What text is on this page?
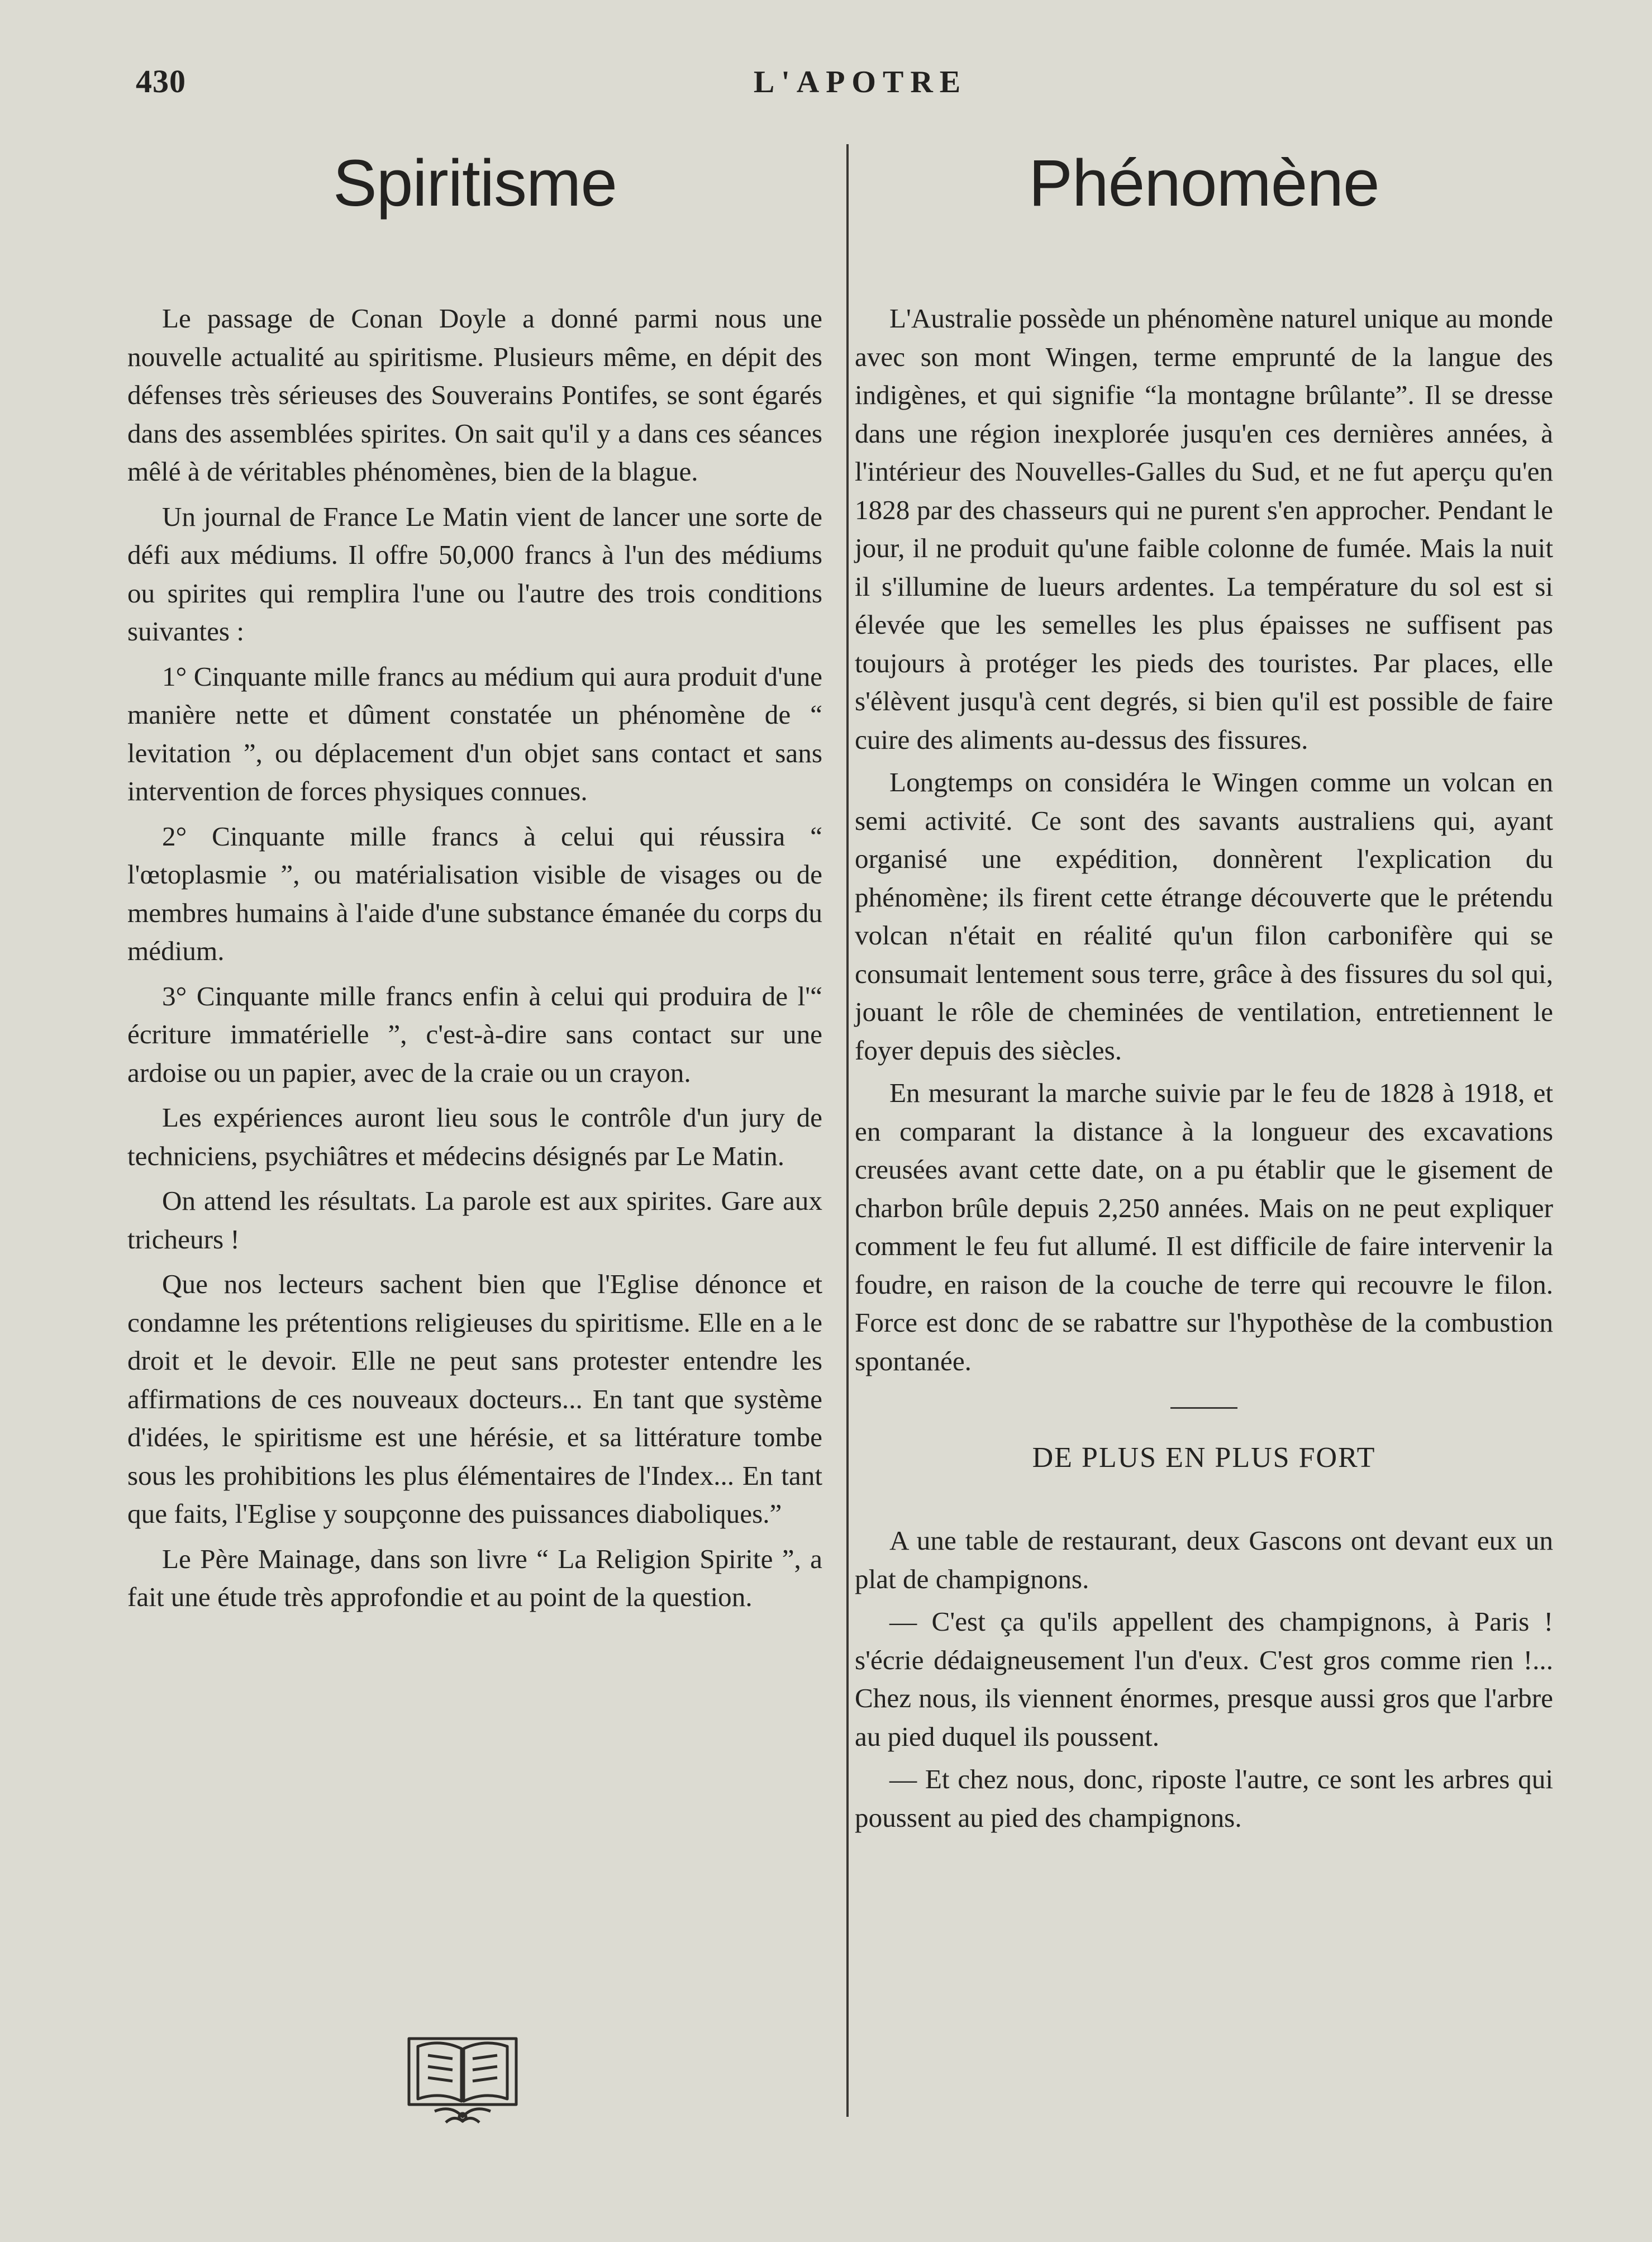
430	L'APOTRE
Spiritisme

Le passage de Conan Doyle a donné parmi nous une nouvelle actualité au spiritisme. Plusieurs même, en dépit des défenses très sérieuses des Souverains Pontifes, se sont égarés dans des assemblées spirites. On sait qu'il y a dans ces séances mêlé à de véritables phénomènes, bien de la blague.

Un journal de France Le Matin vient de lancer une sorte de défi aux médiums. Il offre 50,000 francs à l'un des médiums ou spirites qui remplira l'une ou l'autre des trois conditions suivantes :

1° Cinquante mille francs au médium qui aura produit d'une manière nette et dûment constatée un phénomène de “ levitation ”, ou déplacement d'un objet sans contact et sans intervention de forces physiques connues.

2° Cinquante mille francs à celui qui réussira “ l'œtoplasmie ”, ou matérialisation visible de visages ou de membres humains à l'aide d'une substance émanée du corps du médium.

3° Cinquante mille francs enfin à celui qui produira de l'“ écriture immatérielle ”, c'est-à-dire sans contact sur une ardoise ou un papier, avec de la craie ou un crayon.

Les expériences auront lieu sous le contrôle d'un jury de techniciens, psychiâtres et médecins désignés par Le Matin.

On attend les résultats. La parole est aux spirites. Gare aux tricheurs !

Que nos lecteurs sachent bien que l'Eglise dénonce et condamne les prétentions religieuses du spiritisme. Elle en a le droit et le devoir. Elle ne peut sans protester entendre les affirmations de ces nouveaux docteurs... En tant que système d'idées, le spiritisme est une hérésie, et sa littérature tombe sous les prohibitions les plus élémentaires de l'Index... En tant que faits, l'Eglise y soupçonne des puissances diaboliques.”

Le Père Mainage, dans son livre “ La Religion Spirite ”, a fait une étude très approfondie et au point de la question.

Phénomène

L'Australie possède un phénomène naturel unique au monde avec son mont Wingen, terme emprunté de la langue des indigènes, et qui signifie “la montagne brûlante”. Il se dresse dans une région inexplorée jusqu'en ces dernières années, à l'intérieur des Nouvelles-Galles du Sud, et ne fut aperçu qu'en 1828 par des chasseurs qui ne purent s'en approcher. Pendant le jour, il ne produit qu'une faible colonne de fumée. Mais la nuit il s'illumine de lueurs ardentes. La température du sol est si élevée que les semelles les plus épaisses ne suffisent pas toujours à protéger les pieds des touristes. Par places, elle s'élèvent jusqu'à cent degrés, si bien qu'il est possible de faire cuire des aliments au-dessus des fissures.

Longtemps on considéra le Wingen comme un volcan en semi activité. Ce sont des savants australiens qui, ayant organisé une expédition, donnèrent l'explication du phénomène; ils firent cette étrange découverte que le prétendu volcan n'était en réalité qu'un filon carbonifère qui se consumait lentement sous terre, grâce à des fissures du sol qui, jouant le rôle de cheminées de ventilation, entretiennent le foyer depuis des siècles.

En mesurant la marche suivie par le feu de 1828 à 1918, et en comparant la distance à la longueur des excavations creusées avant cette date, on a pu établir que le gisement de charbon brûle depuis 2,250 années. Mais on ne peut expliquer comment le feu fut allumé. Il est difficile de faire intervenir la foudre, en raison de la couche de terre qui recouvre le filon. Force est donc de se rabattre sur l'hypothèse de la combustion spontanée.

DE PLUS EN PLUS FORT

A une table de restaurant, deux Gascons ont devant eux un plat de champignons.

— C'est ça qu'ils appellent des champignons, à Paris ! s'écrie dédaigneusement l'un d'eux. C'est gros comme rien !... Chez nous, ils viennent énormes, presque aussi gros que l'arbre au pied duquel ils poussent.

— Et chez nous, donc, riposte l'autre, ce sont les arbres qui poussent au pied des champignons.
